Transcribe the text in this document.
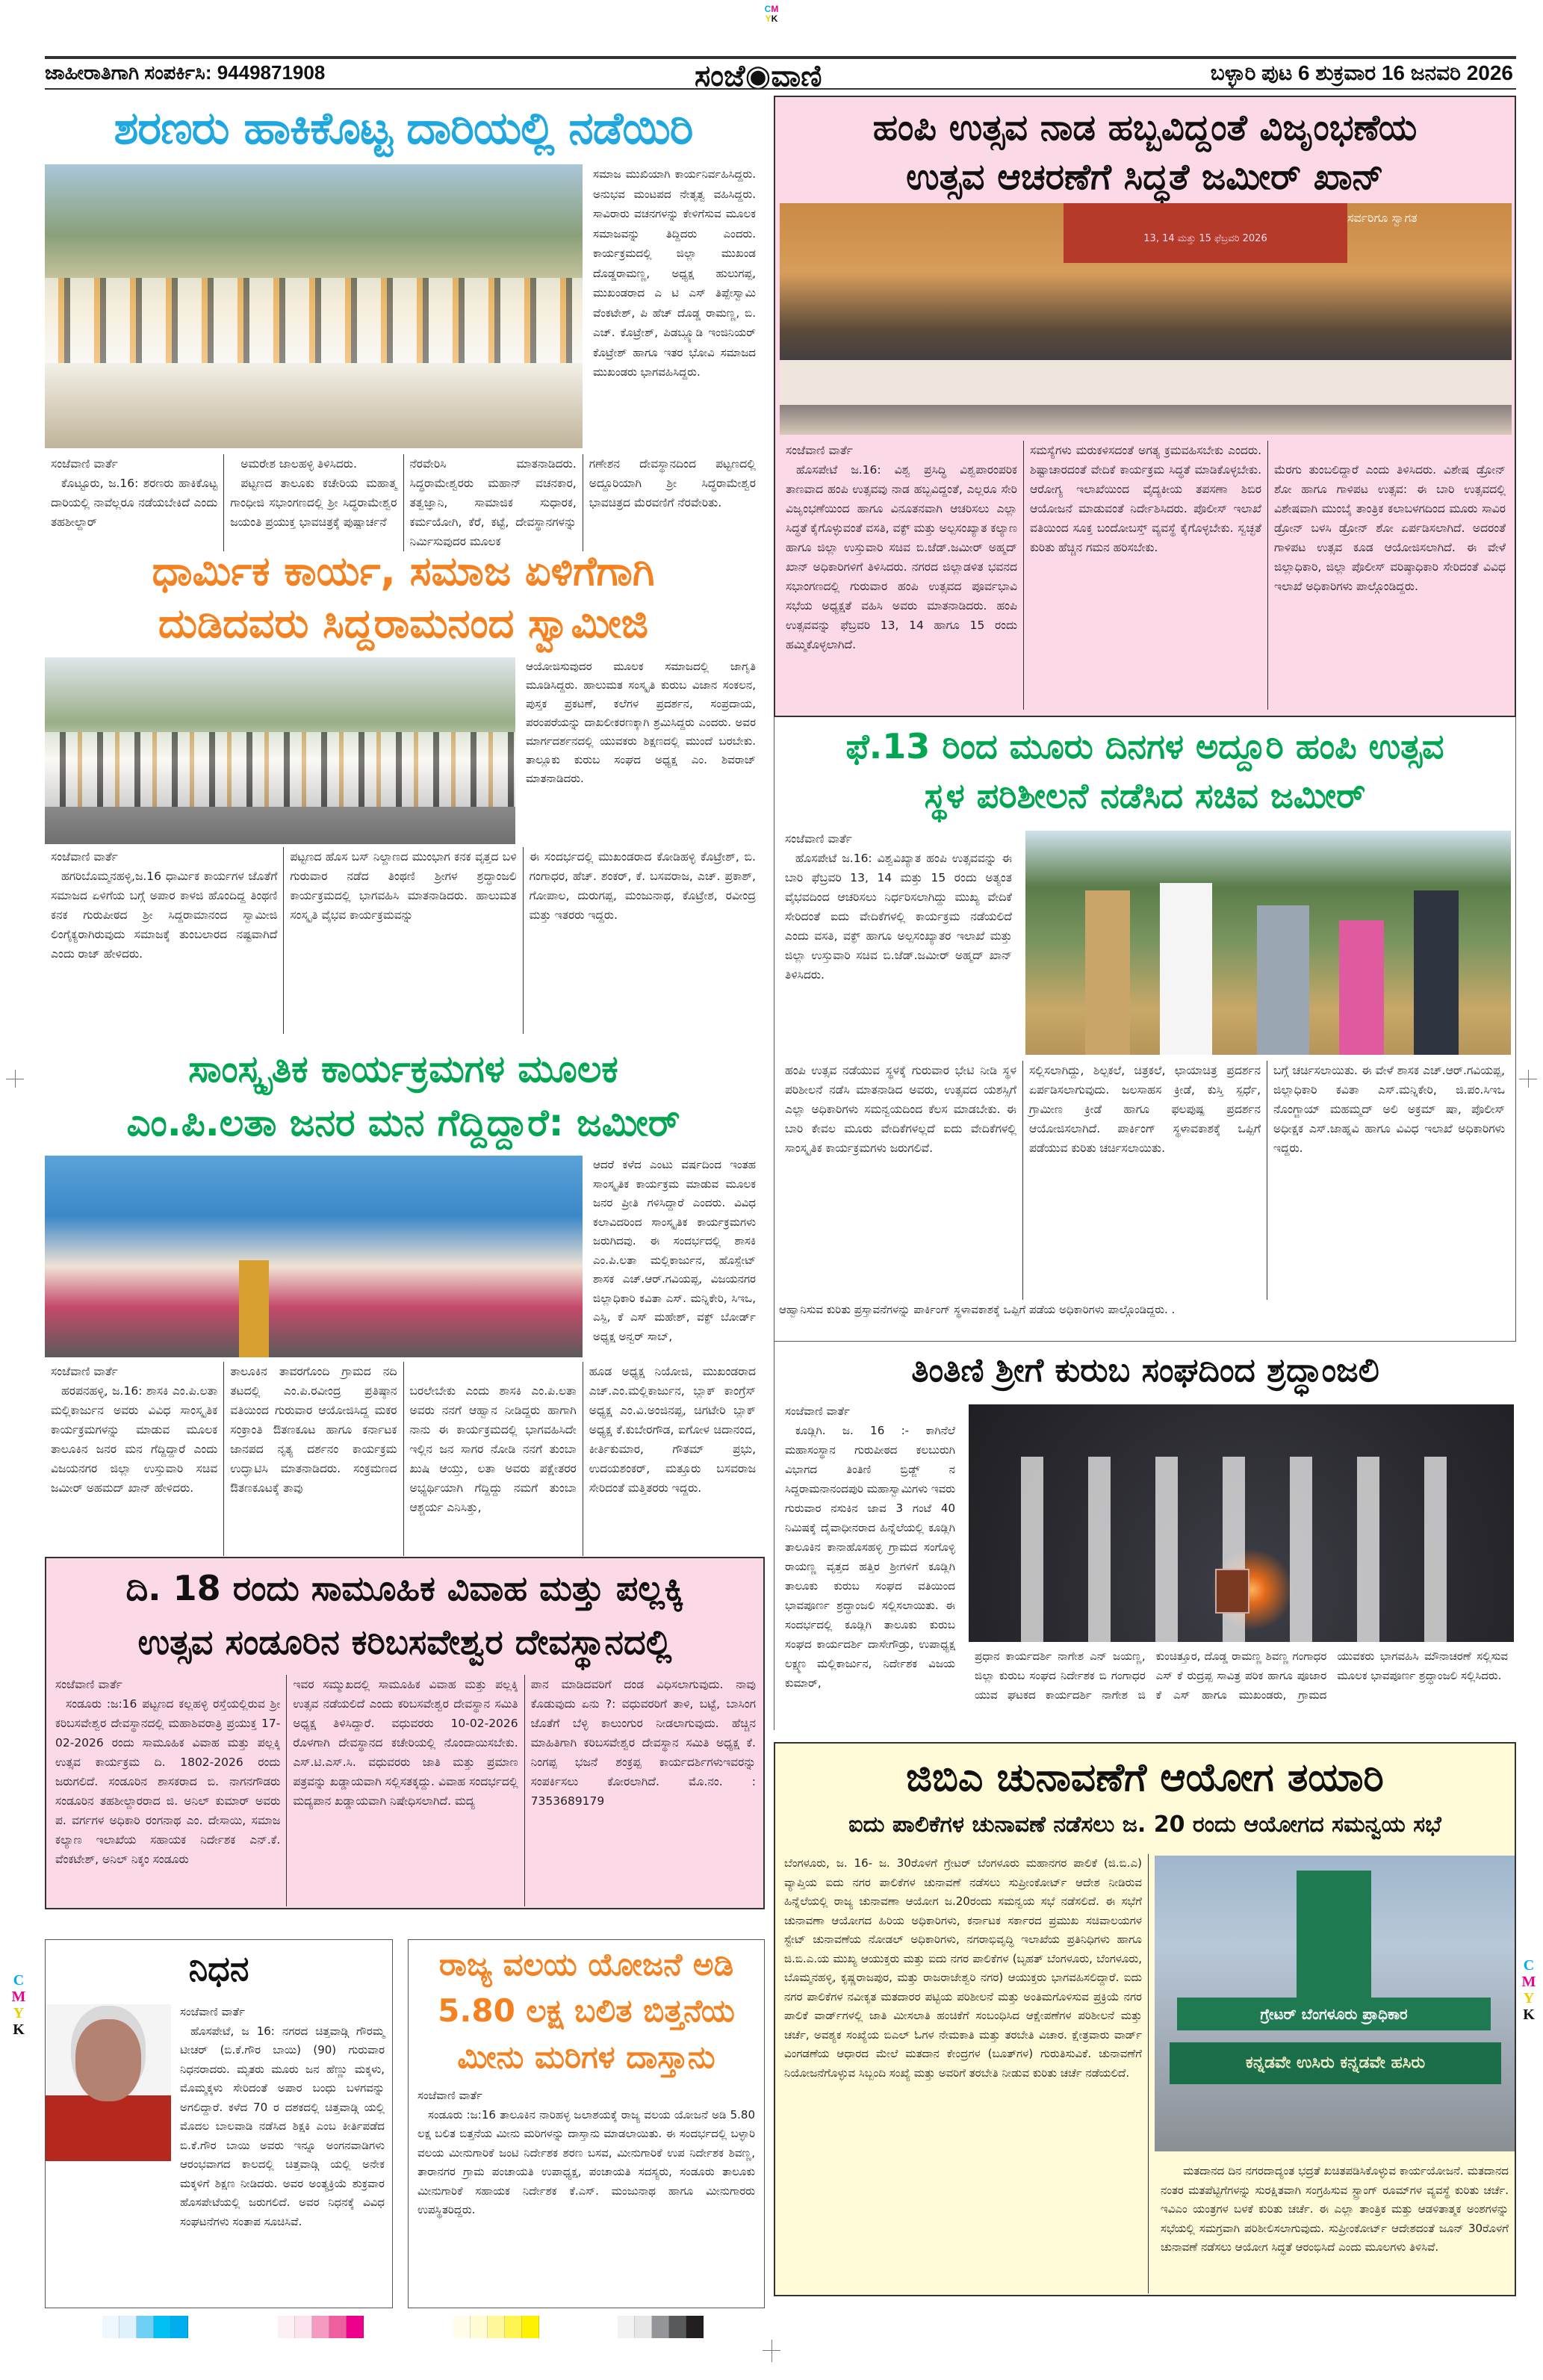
CM
YK
ಜಾಹೀರಾತಿಗಾಗಿ ಸಂಪರ್ಕಿಸಿ: 9449871908	ಸಂಜೆ◉ವಾಣಿ	ಬಳ್ಳಾರಿ ಪುಟ 6 ಶುಕ್ರವಾರ 16 ಜನವರಿ 2026
ಶರಣರು ಹಾಕಿಕೊಟ್ಟ ದಾರಿಯಲ್ಲಿ ನಡೆಯಿರಿ
ಸಮಾಜ ಮುಖಿಯಾಗಿ ಕಾರ್ಯನಿರ್ವಹಿಸಿದ್ದರು. ಅನುಭವ ಮಂಟಪದ ನೇತೃತ್ವ ವಹಿಸಿದ್ದರು. ಸಾವಿರಾರು ವಚನಗಳನ್ನು ಕೇಳಿಗೆಸುವ ಮೂಲಕ ಸಮಾಜವನ್ನು ತಿದ್ದಿದರು ಎಂದರು. ಕಾರ್ಯಕ್ರಮದಲ್ಲಿ ಜಿಲ್ಲಾ ಮುಖಂಡ ದೊಡ್ಡರಾಮಣ್ಣ, ಅಧ್ಯಕ್ಷ ಹುಲುಗಪ್ಪ, ಮುಖಂಡರಾದ ಎ ಟಿ ಎಸ್ ತಿಪ್ಪೇಸ್ವಾಮಿ ವೆಂಕಟೇಶ್, ಪಿ ಹೆಚ್ ದೊಡ್ಡ ರಾಮಣ್ಣ, ಬಿ. ಎಚ್. ಕೊಟ್ರೇಶ್, ಪಿಡಬ್ಲ್ಯೂಡಿ ಇಂಜಿನಿಯರ್ ಕೊಟ್ರೇಶ್ ಹಾಗೂ ಇತರ ಭೋವಿ ಸಮಾಜದ ಮುಖಂಡರು ಭಾಗವಹಿಸಿದ್ದರು.
ಸಂಜೆವಾಣಿ ವಾರ್ತೆ
ಕೊಟ್ಟೂರು, ಜ.16: ಶರಣರು ಹಾಕಿಕೊಟ್ಟ ದಾರಿಯಲ್ಲಿ ನಾವೆಲ್ಲರೂ ನಡೆಯಬೇಕಿದೆ ಎಂದು ತಹಶೀಲ್ದಾರ್
ಅಮರೇಶ ಜಾಲಹಳ್ಳಿ ತಿಳಿಸಿದರು.
ಪಟ್ಟಣದ ತಾಲೂಕು ಕಚೇರಿಯ ಮಹಾತ್ಮ ಗಾಂಧೀಜಿ ಸಭಾಂಗಣದಲ್ಲಿ ಶ್ರೀ ಸಿದ್ಧರಾಮೇಶ್ವರ ಜಯಂತಿ ಪ್ರಯುಕ್ತ ಭಾವಚಿತ್ರಕ್ಕೆ ಪುಷ್ಪಾರ್ಚನೆ
ನೆರವೇರಿಸಿ ಮಾತನಾಡಿದರು. ಸಿದ್ಧರಾಮೇಶ್ವರರು ಮಹಾನ್ ವಚನಕಾರ, ತತ್ವಜ್ಞಾನಿ, ಸಾಮಾಜಿಕ ಸುಧಾರಕ, ಕರ್ಮಯೋಗಿ, ಕೆರೆ, ಕಟ್ಟೆ, ದೇವಸ್ಥಾನಗಳನ್ನು ನಿರ್ಮಿಸುವುದರ ಮೂಲಕ
ಗಣೇಶನ ದೇವಸ್ಥಾನದಿಂದ ಪಟ್ಟಣದಲ್ಲಿ ಅದ್ದೂರಿಯಾಗಿ ಶ್ರೀ ಸಿದ್ಧರಾಮೇಶ್ವರ ಭಾವಚಿತ್ರದ ಮೆರವಣಿಗೆ ನೆರವೇರಿತು.
ಹಂಪಿ ಉತ್ಸವ ನಾಡ ಹಬ್ಬವಿದ್ದಂತೆ ವಿಜೃಂಭಣೆಯ
ಉತ್ಸವ ಆಚರಣೆಗೆ ಸಿದ್ಧತೆ ಜಮೀರ್ ಖಾನ್
13, 14 ಮತ್ತು 15 ಫೆಬ್ರವರಿ 2026
ಸರ್ವರಿಗೂ ಸ್ವಾಗತ
ಸಂಜೆವಾಣಿ ವಾರ್ತೆ
ಹೊಸಪೇಟೆ ಜ.16: ವಿಶ್ವ ಪ್ರಸಿದ್ಧಿ ವಿಶ್ವಪಾರಂಪರಿಕ ತಾಣವಾದ ಹಂಪಿ ಉತ್ಸವವು ನಾಡ ಹಬ್ಬವಿದ್ದಂತೆ, ಎಲ್ಲರೂ ಸೇರಿ ವಿಜೃಂಭಣೆಯಿಂದ ಹಾಗೂ ವಿನೂತನವಾಗಿ ಆಚರಿಸಲು ಎಲ್ಲಾ ಸಿದ್ಧತೆ ಕೈಗೊಳ್ಳುವಂತೆ ವಸತಿ, ವಕ್ಫ್ ಮತ್ತು ಅಲ್ಪಸಂಖ್ಯಾತ ಕಲ್ಯಾಣ ಹಾಗೂ ಜಿಲ್ಲಾ ಉಸ್ತುವಾರಿ ಸಚಿವ ಬಿ.ಜೆಡ್.ಜಮೀರ್ ಅಹ್ಮದ್ ಖಾನ್ ಅಧಿಕಾರಿಗಳಿಗೆ ತಿಳಿಸಿದರು. ನಗರದ ಜಿಲ್ಲಾಡಳಿತ ಭವನದ ಸಭಾಂಗಣದಲ್ಲಿ ಗುರುವಾರ ಹಂಪಿ ಉತ್ಸವದ ಪೂರ್ವಭಾವಿ ಸಭೆಯ ಅಧ್ಯಕ್ಷತೆ ವಹಿಸಿ ಅವರು ಮಾತನಾಡಿದರು. ಹಂಪಿ ಉತ್ಸವವನ್ನು ಫೆಬ್ರವರಿ 13, 14 ಹಾಗೂ 15 ರಂದು ಹಮ್ಮಿಕೊಳ್ಳಲಾಗಿದೆ.
ಸಮಸ್ಯೆಗಳು ಮರುಕಳಿಸದಂತೆ ಅಗತ್ಯ ಕ್ರಮವಹಿಸಬೇಕು ಎಂದರು. ಶಿಷ್ಟಾಚಾರದಂತೆ ವೇದಿಕೆ ಕಾರ್ಯಕ್ರಮ ಸಿದ್ಧತೆ ಮಾಡಿಕೊಳ್ಳಬೇಕು. ಆರೋಗ್ಯ ಇಲಾಖೆಯಿಂದ ವೈದ್ಯಕೀಯ ತಪಸಣಾ ಶಿಬಿರ ಆಯೋಜನೆ ಮಾಡುವಂತೆ ನಿರ್ದೇಶಿಸಿದರು. ಪೊಲೀಸ್ ಇಲಾಖೆ ವತಿಯಿಂದ ಸೂಕ್ತ ಬಂದೋಬಸ್ತ್ ವ್ಯವಸ್ಥೆ ಕೈಗೊಳ್ಳಬೇಕು. ಸ್ವಚ್ಛತೆ ಕುರಿತು ಹೆಚ್ಚಿನ ಗಮನ ಹರಿಸಬೇಕು.
ಮೆರಗು ತುಂಬಲಿದ್ದಾರೆ ಎಂದು ತಿಳಿಸಿದರು. ವಿಶೇಷ ಡ್ರೋನ್ ಶೋ ಹಾಗೂ ಗಾಳಿಪಟ ಉತ್ಸವ: ಈ ಬಾರಿ ಉತ್ಸವದಲ್ಲಿ ವಿಶೇಷವಾಗಿ ಮುಂಬೈ ತಾಂತ್ರಿಕ ಕಲಾಬಳಗದಿಂದ ಮೂರು ಸಾವಿರ ಡ್ರೋನ್ ಬಳಸಿ ಡ್ರೋನ್ ಶೋ ಏರ್ಪಡಿಸಲಾಗಿದೆ. ಅದರಂತೆ ಗಾಳಿಪಟ ಉತ್ಸವ ಕೂಡ ಆಯೋಜಿಸಲಾಗಿದೆ. ಈ ವೇಳೆ ಜಿಲ್ಲಾಧಿಕಾರಿ, ಜಿಲ್ಲಾ ಪೊಲೀಸ್ ವರಿಷ್ಠಾಧಿಕಾರಿ ಸೇರಿದಂತೆ ವಿವಿಧ ಇಲಾಖೆ ಅಧಿಕಾರಿಗಳು ಪಾಲ್ಗೊಂಡಿದ್ದರು.
ಧಾರ್ಮಿಕ ಕಾರ್ಯ, ಸಮಾಜ ಏಳಿಗೆಗಾಗಿ
ದುಡಿದವರು ಸಿದ್ದರಾಮನಂದ ಸ್ವಾಮೀಜಿ
ಆಯೋಜಿಸುವುದರ ಮೂಲಕ ಸಮಾಜದಲ್ಲಿ ಜಾಗೃತಿ ಮೂಡಿಸಿದ್ದರು. ಹಾಲುಮತ ಸಂಸ್ಕೃತಿ ಕುರುಬ ವಿಜಾನ ಸಂಕಲನ, ಪುಸ್ತಕ ಪ್ರಕಟಣೆ, ಕಲೆಗಳ ಪ್ರದರ್ಶನ, ಸಂಪ್ರದಾಯ, ಪರಂಪರೆಯನ್ನು ದಾಖಲೀಕರಣಕ್ಕಾಗಿ ಶ್ರಮಿಸಿದ್ದರು ಎಂದರು. ಅವರ ಮಾರ್ಗದರ್ಶನದಲ್ಲಿ ಯುವಕರು ಶಿಕ್ಷಣದಲ್ಲಿ ಮುಂದೆ ಬರಬೇಕು. ತಾಲ್ಲೂಕು ಕುರುಬ ಸಂಘದ ಅಧ್ಯಕ್ಷ ಎಂ. ಶಿವರಾಜ್ ಮಾತನಾಡಿದರು.
ಸಂಜೆವಾಣಿ ವಾರ್ತೆ
ಹಗರಿಬೊಮ್ಮನಹಳ್ಳಿ,ಜ.16 ಧಾರ್ಮಿಕ ಕಾರ್ಯಗಳ ಜೊತೆಗೆ ಸಮಾಜದ ಏಳಿಗೆಯ ಬಗ್ಗೆ ಅಪಾರ ಕಾಳಜಿ ಹೊಂದಿದ್ದ ತಿಂಥಣಿ ಕನಕ ಗುರುಪೀಠದ ಶ್ರೀ ಸಿದ್ದರಾಮಾನಂದ ಸ್ವಾಮೀಜಿ ಲಿಂಗೈಕ್ಯರಾಗಿರುವುದು ಸಮಾಜಕ್ಕೆ ತುಂಬಲಾರದ ನಷ್ಟವಾಗಿದೆ ಎಂದು ರಾಜ್ ಹೇಳಿದರು.
ಪಟ್ಟಣದ ಹೊಸ ಬಸ್ ನಿಲ್ದಾಣದ ಮುಂಭಾಗ ಕನಕ ವೃತ್ತದ ಬಳಿ ಗುರುವಾರ ನಡೆದ ತಿಂಥಣಿ ಶ್ರೀಗಳ ಶ್ರದ್ಧಾಂಜಲಿ ಕಾರ್ಯಕ್ರಮದಲ್ಲಿ ಭಾಗವಹಿಸಿ ಮಾತನಾಡಿದರು. ಹಾಲುಮತ ಸಂಸ್ಕೃತಿ ವೈಭವ ಕಾರ್ಯಕ್ರಮವನ್ನು
ಈ ಸಂದರ್ಭದಲ್ಲಿ ಮುಖಂಡರಾದ ಕೋಡಿಹಳ್ಳಿ ಕೊಟ್ರೇಶ್, ಬಿ. ಗಂಗಾಧರ, ಹೆಚ್. ಶಂಕರ್, ಕೆ. ಬಸವರಾಜ, ಎಚ್. ಪ್ರಕಾಶ್, ಗೋಪಾಲ, ದುರುಗಪ್ಪ, ಮಂಜುನಾಥ, ಕೊಟ್ರೇಶ, ರವೀಂದ್ರ ಮತ್ತು ಇತರರು ಇದ್ದರು.
ಫೆ.13 ರಿಂದ ಮೂರು ದಿನಗಳ ಅದ್ದೂರಿ ಹಂಪಿ ಉತ್ಸವ
ಸ್ಥಳ ಪರಿಶೀಲನೆ ನಡೆಸಿದ ಸಚಿವ ಜಮೀರ್
ಸಂಜೆವಾಣಿ ವಾರ್ತೆ
ಹೊಸಪೇಟೆ ಜ.16: ವಿಶ್ವವಿಖ್ಯಾತ ಹಂಪಿ ಉತ್ಸವವನ್ನು ಈ ಬಾರಿ ಫೆಬ್ರವರಿ 13, 14 ಮತ್ತು 15 ರಂದು ಅತ್ಯಂತ ವೈಭವದಿಂದ ಆಚರಿಸಲು ನಿರ್ಧರಿಸಲಾಗಿದ್ದು ಮುಖ್ಯ ವೇದಿಕೆ ಸೇರಿದಂತೆ ಐದು ವೇದಿಕೆಗಳಲ್ಲಿ ಕಾರ್ಯಕ್ರಮ ನಡೆಯಲಿದೆ ಎಂದು ವಸತಿ, ವಕ್ಫ್ ಹಾಗೂ ಅಲ್ಪಸಂಖ್ಯಾತರ ಇಲಾಖೆ ಮತ್ತು ಜಿಲ್ಲಾ ಉಸ್ತುವಾರಿ ಸಚಿವ ಬಿ.ಜೆಡ್.ಜಮೀರ್ ಅಹ್ಮದ್ ಖಾನ್ ತಿಳಿಸಿದರು.
ಹಂಪಿ ಉತ್ಸವ ನಡೆಯುವ ಸ್ಥಳಕ್ಕೆ ಗುರುವಾರ ಭೇಟಿ ನೀಡಿ ಸ್ಥಳ ಪರಿಶೀಲನೆ ನಡೆಸಿ ಮಾತನಾಡಿದ ಅವರು, ಉತ್ಸವದ ಯಶಸ್ಸಿಗೆ ಎಲ್ಲಾ ಅಧಿಕಾರಿಗಳು ಸಮನ್ವಯದಿಂದ ಕೆಲಸ ಮಾಡಬೇಕು. ಈ ಬಾರಿ ಕೇವಲ ಮೂರು ವೇದಿಕೆಗಳಲ್ಲದೆ ಐದು ವೇದಿಕೆಗಳಲ್ಲಿ ಸಾಂಸ್ಕೃತಿಕ ಕಾರ್ಯಕ್ರಮಗಳು ಜರುಗಲಿವೆ.
ಸಲ್ಲಿಸಲಾಗಿದ್ದು, ಶಿಲ್ಪಕಲೆ, ಚಿತ್ರಕಲೆ, ಛಾಯಾಚಿತ್ರ ಪ್ರದರ್ಶನ ಏರ್ಪಡಿಸಲಾಗುವುದು. ಜಲಸಾಹಸ ಕ್ರೀಡೆ, ಕುಸ್ತಿ ಸ್ಪರ್ಧೆ, ಗ್ರಾಮೀಣ ಕ್ರೀಡೆ ಹಾಗೂ ಫಲಪುಷ್ಪ ಪ್ರದರ್ಶನ ಆಯೋಜಿಸಲಾಗಿದೆ. ಪಾರ್ಕಿಂಗ್ ಸ್ಥಳಾವಕಾಶಕ್ಕೆ ಒಪ್ಪಿಗೆ ಪಡೆಯುವ ಕುರಿತು ಚರ್ಚಿಸಲಾಯಿತು.
ಬಗ್ಗೆ ಚರ್ಚಿಸಲಾಯಿತು. ಈ ವೇಳೆ ಶಾಸಕ ಎಚ್.ಆರ್.ಗವಿಯಪ್ಪ, ಜಿಲ್ಲಾಧಿಕಾರಿ ಕವಿತಾ ಎಸ್.ಮನ್ನಿಕೇರಿ, ಜಿ.ಪಂ.ಸಿಇಒ ನೊಂಗ್ಜಾಯ್ ಮಹಮ್ಮದ್ ಅಲಿ ಅಕ್ರಮ್ ಷಾ, ಪೊಲೀಸ್ ಅಧೀಕ್ಷಕ ಎಸ್.ಜಾಹ್ನವಿ ಹಾಗೂ ವಿವಿಧ ಇಲಾಖೆ ಅಧಿಕಾರಿಗಳು ಇದ್ದರು.
ಆಹ್ವಾನಿಸುವ ಕುರಿತು ಪ್ರಸ್ತಾವನೆಗಳನ್ನು ಪಾರ್ಕಿಂಗ್ ಸ್ಥಳಾವಕಾಶಕ್ಕೆ ಒಪ್ಪಿಗೆ ಪಡೆಯ ಅಧಿಕಾರಿಗಳು ಪಾಲ್ಗೊಂಡಿದ್ದರು. .
ಸಾಂಸ್ಕೃತಿಕ ಕಾರ್ಯಕ್ರಮಗಳ ಮೂಲಕ
ಎಂ.ಪಿ.ಲತಾ ಜನರ ಮನ ಗೆದ್ದಿದ್ದಾರೆ: ಜಮೀರ್
ಆದರೆ ಕಳೆದ ಎಂಟು ವರ್ಷದಿಂದ ಇಂತಹ ಸಾಂಸ್ಕೃತಿಕ ಕಾರ್ಯಕ್ರಮ ಮಾಡುವ ಮೂಲಕ ಜನರ ಪ್ರೀತಿ ಗಳಿಸಿದ್ದಾರೆ ಎಂದರು. ವಿವಿಧ ಕಲಾವಿದರಿಂದ ಸಾಂಸ್ಕೃತಿಕ ಕಾರ್ಯಕ್ರಮಗಳು ಜರುಗಿದವು. ಈ ಸಂದರ್ಭದಲ್ಲಿ ಶಾಸಕಿ ಎಂ.ಪಿ.ಲತಾ ಮಲ್ಲಿಕಾರ್ಜುನ, ಹೊಸ್ಪೇಟ್ ಶಾಸಕ ಎಚ್.ಆರ್.ಗವಿಯಪ್ಪ, ವಿಜಯನಗರ ಜಿಲ್ಲಾಧಿಕಾರಿ ಕವಿತಾ ಎಸ್. ಮನ್ನಿಕೇರಿ, ಸಿಇಒ, ಎಸ್ಪಿ, ಕೆ ಎಸ್ ಮಹೇಶ್, ವಕ್ಫ್ ಬೋರ್ಡ್ ಅಧ್ಯಕ್ಷ ಅನ್ವರ್ ಸಾಬ್,
ಸಂಜೆವಾಣಿ ವಾರ್ತೆ
ಹರಪನಹಳ್ಳಿ, ಜ.16: ಶಾಸಕಿ ಎಂ.ಪಿ.ಲತಾ ಮಲ್ಲಿಕಾರ್ಜುನ ಅವರು ವಿವಿಧ ಸಾಂಸ್ಕೃತಿಕ ಕಾರ್ಯಕ್ರಮಗಳನ್ನು ಮಾಡುವ ಮೂಲಕ ತಾಲೂಕಿನ ಜನರ ಮನ ಗೆದ್ದಿದ್ದಾರೆ ಎಂದು ವಿಜಯನಗರ ಜಿಲ್ಲಾ ಉಸ್ತುವಾರಿ ಸಚಿವ ಜಮೀರ್ ಅಹಮದ್ ಖಾನ್ ಹೇಳಿದರು.
ತಾಲೂಕಿನ ತಾವರಗೊಂದಿ ಗ್ರಾಮದ ನದಿ ತಟದಲ್ಲಿ ಎಂ.ಪಿ.ರವೀಂದ್ರ ಪ್ರತಿಷ್ಠಾನ ವತಿಯಿಂದ ಗುರುವಾರ ಆಯೋಜಿಸಿದ್ದ ಮಕರ ಸಂಕ್ರಾಂತಿ ಔತಣಕೂಟ ಹಾಗೂ ಕರ್ನಾಟಕ ಜಾನಪದ ನೃತ್ಯ ದರ್ಶನಂ ಕಾರ್ಯಕ್ರಮ ಉದ್ಘಾಟಿಸಿ ಮಾತನಾಡಿದರು. ಸಂಕ್ರಮಣದ ಔತಣಕೂಟಕ್ಕೆ ತಾವು
ಬರಲೇಬೇಕು ಎಂದು ಶಾಸಕಿ ಎಂ.ಪಿ.ಲತಾ ಅವರು ನನಗೆ ಆಹ್ವಾನ ನೀಡಿದ್ದರು ಹಾಗಾಗಿ ನಾನು ಈ ಕಾರ್ಯಕ್ರಮದಲ್ಲಿ ಭಾಗವಹಿಸಿದೇ ಇಲ್ಲಿನ ಜನ ಸಾಗರ ನೋಡಿ ನನಗೆ ತುಂಬಾ ಖುಷಿ ಆಯ್ತು, ಲತಾ ಅವರು ಪಕ್ಷೇತರರ ಅಭ್ಯರ್ಥಿಯಾಗಿ ಗೆದ್ದಿದ್ದು ನಮಗೆ ತುಂಬಾ ಆಶ್ಚರ್ಯ ಎನಿಸಿತ್ತು,
ಹೂಡ ಅಧ್ಯಕ್ಷ ನಿಯೋಜಿ, ಮುಖಂಡರಾದ ಎಚ್.ಎಂ.ಮಲ್ಲಿಕಾರ್ಜುನ, ಬ್ಲಾಕ್ ಕಾಂಗ್ರೆಸ್ ಅಧ್ಯಕ್ಷ ಎಂ.ವಿ.ಅಂಜಿನಪ್ಪ, ಚಿಗಟೇರಿ ಬ್ಲಾಕ್ ಅಧ್ಯಕ್ಷ ಕೆ.ಕುಬೇರಗೌಡ, ಐಗೋಳ ಚಿದಾನಂದ, ಕೀರ್ತಿಕುಮಾರ, ಗೌತಮ್ ಪ್ರಭು, ಉದಯಶಂಕರ್, ಮತ್ತೂರು ಬಸವರಾಜ ಸೇರಿದಂತೆ ಮತ್ತಿತರರು ಇದ್ದರು.
ತಿಂತಿಣಿ ಶ್ರೀಗೆ ಕುರುಬ ಸಂಘದಿಂದ ಶ್ರದ್ಧಾಂಜಲಿ
ಸಂಜೆವಾಣಿ ವಾರ್ತೆ
ಕೂಡ್ಲಿಗಿ. ಜ. 16 :- ಕಾಗಿನೆಲೆ ಮಹಾಸಂಸ್ಥಾನ ಗುರುಪೀಠದ ಕಲಬುರುಗಿ ವಿಭಾಗದ ತಿಂತಿಣಿ ಬ್ರಿಡ್ಜ್ ನ ಸಿದ್ದರಾಮನಾನಂದಪುರಿ ಮಹಾಸ್ವಾಮಿಗಳು ಇವರು ಗುರುವಾರ ನಸುಕಿನ ಜಾವ 3 ಗಂಟೆ 40 ನಿಮಿಷಕ್ಕೆ ದೈವಾಧೀನರಾದ ಹಿನ್ನೆಲೆಯಲ್ಲಿ ಕೂಡ್ಲಿಗಿ ತಾಲೂಕಿನ ಕಾನಾಹೊಸಹಳ್ಳಿ ಗ್ರಾಮದ ಸಂಗೊಳ್ಳಿ ರಾಯಣ್ಣ ವೃತ್ತದ ಹತ್ತಿರ ಶ್ರೀಗಳಿಗೆ ಕೂಡ್ಲಿಗಿ ತಾಲೂಕು ಕುರುಬ ಸಂಘದ ವತಿಯಿಂದ ಭಾವಪೂರ್ಣ ಶ್ರದ್ಧಾಂಜಲಿ ಸಲ್ಲಿಸಲಾಯಿತು. ಈ ಸಂದರ್ಭದಲ್ಲಿ ಕೂಡ್ಲಿಗಿ ತಾಲೂಕು ಕುರುಬ ಸಂಘದ ಕಾರ್ಯದರ್ಶಿ ದಾಸೇಗೌಡ್ರು, ಉಪಾಧ್ಯಕ್ಷ ಲಕ್ಷ್ಮಣ ಮಲ್ಲಿಕಾರ್ಜುನ, ನಿರ್ದೇಶಕ ವಿಜಯ ಕುಮಾರ್,
ಪ್ರಧಾನ ಕಾರ್ಯದರ್ಶಿ ನಾಗೇಶ ಎನ್ ಜಯಣ್ಣ, ಜಿಲ್ಲಾ ಕುರುಬ ಸಂಘದ ನಿರ್ದೇಶಕ ಬಿ ಗಂಗಾಧರ ಯುವ ಘಟಕದ ಕಾರ್ಯದರ್ಶಿ ನಾಗೇಶ ಜಿ ಕುಂಚಿತ್ತೂರ, ದೊಡ್ಡ ರಾಮಣ್ಣ ಶಿವಣ್ಣ ಗಂಗಾಧರ ಎಸ್ ಕೆ ರುದ್ರಪ್ಪ ಸಾವಿತ್ರ ಪರಿಕ ಹಾಗೂ ಪೂಜಾರ ಕೆ ಎಸ್ ಹಾಗೂ ಮುಖಂಡರು, ಗ್ರಾಮದ ಯುವಕರು ಭಾಗವಹಿಸಿ ಮೌನಾಚರಣೆ ಸಲ್ಲಿಸುವ ಮೂಲಕ ಭಾವಪೂರ್ಣ ಶ್ರದ್ಧಾಂಜಲಿ ಸಲ್ಲಿಸಿದರು.
ದಿ. 18 ರಂದು ಸಾಮೂಹಿಕ ವಿವಾಹ ಮತ್ತು ಪಲ್ಲಕ್ಕಿ
ಉತ್ಸವ ಸಂಡೂರಿನ ಕರಿಬಸವೇಶ್ವರ ದೇವಸ್ಥಾನದಲ್ಲಿ
ಸಂಜೆವಾಣಿ ವಾರ್ತೆ
ಸಂಡೂರು :ಜ:16 ಪಟ್ಟಣದ ಕಲ್ಲಹಳ್ಳಿ ರಸ್ತೆಯಲ್ಲಿರುವ ಶ್ರೀ ಕರಿಬಸವೇಶ್ವರ ದೇವಸ್ಥಾನದಲ್ಲಿ ಮಹಾಶಿವರಾತ್ರಿ ಪ್ರಯುಕ್ತ 17-02-2026 ರಂದು ಸಾಮೂಹಿಕ ವಿವಾಹ ಮತ್ತು ಪಲ್ಲಕ್ಕಿ ಉತ್ಸವ ಕಾರ್ಯಕ್ರಮ ದಿ. 1802-2026 ರಂದು ಜರುಗಲಿದೆ. ಸಂಡೂರಿನ ಶಾಸಕರಾದ ಬಿ. ನಾಗನಗೌಡರು ಸಂಡೂರಿನ ತಹಶೀಲ್ದಾರರಾದ ಜಿ. ಅನಿಲ್ ಕುಮಾರ್ ಅವರು ಪ. ವರ್ಗಗಳ ಅಧಿಕಾರಿ ರಂಗನಾಥ ಎಂ. ದೇಸಾಯಿ, ಸಮಾಜ ಕಲ್ಯಾಣ ಇಲಾಖೆಯ ಸಹಾಯಕ ನಿರ್ದೇಶಕ ಎನ್.ಕೆ. ವೆಂಕಟೇಶ್, ಅನಿಲ್ ನಿಕ್ಕಂ ಸಂಡೂರು
ಇವರ ಸಮ್ಮುಖದಲ್ಲಿ ಸಾಮೂಹಿಕ ವಿವಾಹ ಮತ್ತು ಪಲ್ಲಕ್ಕಿ ಉತ್ಸವ ನಡೆಯಲಿದೆ ಎಂದು ಕರಿಬಸವೇಶ್ವರ ದೇವಸ್ಥಾನ ಸಮಿತಿ ಅಧ್ಯಕ್ಷ ತಿಳಿಸಿದ್ದಾರೆ. ವಧುವರರು 10-02-2026 ರೊಳಗಾಗಿ ದೇವಸ್ಥಾನದ ಕಚೇರಿಯಲ್ಲಿ ನೊಂದಾಯಿಸಬೇಕು. ಎಸ್.ಟಿ.ಎಸ್.ಸಿ. ವಧುವರರು ಜಾತಿ ಮತ್ತು ಪ್ರಮಾಣ ಪತ್ರವನ್ನು ಖಡ್ಡಾಯವಾಗಿ ಸಲ್ಲಿಸತಕ್ಕದ್ದು. ವಿವಾಹ ಸಂದರ್ಭದಲ್ಲಿ ಮದ್ಯಪಾನ ಖಡ್ಡಾಯವಾಗಿ ನಿಷೇಧಿಸಲಾಗಿದೆ. ಮದ್ಯ
ಪಾನ ಮಾಡಿದವರಿಗೆ ದಂಡ ವಿಧಿಸಲಾಗುವುದು. ನಾವು ಕೊಡುವುದು ಏನು ?: ವಧುವರರಿಗೆ ತಾಳಿ, ಬಟ್ಟೆ, ಬಾಸಿಂಗ ಜೊತೆಗೆ ಬೆಳ್ಳಿ ಕಾಲುಂಗುರ ನೀಡಲಾಗುವುದು. ಹೆಚ್ಚಿನ ಮಾಹಿತಿಗಾಗಿ ಕರಿಬಸವೇಶ್ವರ ದೇವಸ್ಥಾನ ಸಮಿತಿ ಅಧ್ಯಕ್ಷ ಕೆ. ನಿಂಗಪ್ಪ ಭಜನೆ ಶಂಕ್ರಪ್ಪ ಕಾರ್ಯದರ್ಶಿಗಳುಇವರನ್ನು ಸಂಪರ್ಕಿಸಲು ಕೋರಲಾಗಿದೆ. ಮೊ.ನಂ. : 7353689179
ನಿಧನ
ಸಂಜೆವಾಣಿ ವಾರ್ತೆ
ಹೊಸಪೇಟೆ, ಜ 16: ನಗರದ ಚಿತ್ತವಾಡ್ಗಿ ಗೌರಮ್ಮ ಟೀಚರ್ (ಬಿ.ಕೆ.ಗೌರ ಬಾಯಿ) (90) ಗುರುವಾರ ನಿಧನರಾದರು. ಮೃತರು ಮೂರು ಜನ ಹೆಣ್ಣು ಮಕ್ಕಳು, ಮೊಮ್ಮಕ್ಕಳು ಸೇರಿದಂತೆ ಅಪಾರ ಬಂಧು ಬಳಗವನ್ನು ಅಗಲಿದ್ದಾರೆ. ಕಳೆದ 70 ರ ದಶಕದಲ್ಲಿ ಚಿತ್ತವಾಡ್ಗಿ ಯಲ್ಲಿ ಮೊದಲ ಬಾಲವಾಡಿ ನಡೆಸಿದ ಶಿಕ್ಷಕಿ ಎಂಬ ಕೀರ್ತಿಪಡೆದ ಬಿ.ಕೆ.ಗೌರ ಬಾಯಿ ಅವರು ಇನ್ನೂ ಅಂಗನವಾಡಿಗಳು ಆರಂಭವಾಗದ ಕಾಲದಲ್ಲಿ ಚಿತ್ತವಾಡ್ಗಿ ಯಲ್ಲಿ ಅನೇಕ ಮಕ್ಕಳಿಗೆ ಶಿಕ್ಷಣ ನೀಡಿದರು. ಅವರ ಅಂತ್ಯಕ್ರಿಯೆ ಶುಕ್ರವಾರ ಹೊಸಪೇಟೆಯಲ್ಲಿ ಜರುಗಲಿದೆ. ಅವರ ನಿಧನಕ್ಕೆ ವಿವಿಧ ಸಂಘಟನೆಗಳು ಸಂತಾಪ ಸೂಚಿಸಿವೆ.
ರಾಜ್ಯ ವಲಯ ಯೋಜನೆ ಅಡಿ
5.80 ಲಕ್ಷ ಬಲಿತ ಬಿತ್ತನೆಯ
ಮೀನು ಮರಿಗಳ ದಾಸ್ತಾನು
ಸಂಜೆವಾಣಿ ವಾರ್ತೆ
ಸಂಡೂರು :ಜ:16 ತಾಲೂಕಿನ ನಾರಿಹಳ್ಳ ಜಲಾಶಯಕ್ಕೆ ರಾಜ್ಯ ವಲಯ ಯೋಜನೆ ಅಡಿ 5.80 ಲಕ್ಷ ಬಲಿತ ಬಿತ್ತನೆಯ ಮೀನು ಮರಿಗಳನ್ನು ದಾಸ್ತಾನು ಮಾಡಲಾಯಿತು. ಈ ಸಂದರ್ಭದಲ್ಲಿ ಬಳ್ಳಾರಿ ವಲಯ ಮೀನುಗಾರಿಕೆ ಜಂಟಿ ನಿರ್ದೇಶಕ ಶರಣ ಬಸವ, ಮೀನುಗಾರಿಕೆ ಉಪ ನಿರ್ದೇಶಕ ಶಿವಣ್ಣ, ತಾರಾನಗರ ಗ್ರಾಮ ಪಂಚಾಯತಿ ಉಪಾಧ್ಯಕ್ಷ, ಪಂಚಾಯತಿ ಸದಸ್ಯರು, ಸಂಡೂರು ತಾಲೂಕು ಮೀನುಗಾರಿಕೆ ಸಹಾಯಕ ನಿರ್ದೇಶಕ ಕೆ.ಎಸ್. ಮಂಜುನಾಥ ಹಾಗೂ ಮೀನುಗಾರರು ಉಪಸ್ಥಿತರಿದ್ದರು.
ಜಿಬಿಎ ಚುನಾವಣೆಗೆ ಆಯೋಗ ತಯಾರಿ
ಐದು ಪಾಲಿಕೆಗಳ ಚುನಾವಣೆ ನಡೆಸಲು ಜ. 20 ರಂದು ಆಯೋಗದ ಸಮನ್ವಯ ಸಭೆ
ಬೆಂಗಳೂರು, ಜ. 16- ಜ. 30ರೊಳಗೆ ಗ್ರೇಟರ್ ಬೆಂಗಳೂರು ಮಹಾನಗರ ಪಾಲಿಕೆ (ಜಿ.ಬಿ.ಎ) ವ್ಯಾಪ್ತಿಯ ಐದು ನಗರ ಪಾಲಿಕೆಗಳ ಚುನಾವಣೆ ನಡೆಸಲು ಸುಪ್ರೀಂಕೋರ್ಟ್ ಆದೇಶ ನೀಡಿರುವ ಹಿನ್ನೆಲೆಯಲ್ಲಿ ರಾಜ್ಯ ಚುನಾವಣಾ ಆಯೋಗ ಜ.20ರಂದು ಸಮನ್ವಯ ಸಭೆ ನಡೆಸಲಿದೆ. ಈ ಸಭೆಗೆ ಚುನಾವಣಾ ಆಯೋಗದ ಹಿರಿಯ ಅಧಿಕಾರಿಗಳು, ಕರ್ನಾಟಕ ಸರ್ಕಾರದ ಪ್ರಮುಖ ಸಚಿವಾಲಯಗಳ ಸ್ಟೇಟ್ ಚುನಾವಣೆಯ ನೋಡಲ್ ಅಧಿಕಾರಿಗಳು, ನಗರಾಭಿವೃದ್ಧಿ ಇಲಾಖೆಯ ಪ್ರತಿನಿಧಿಗಳು ಹಾಗೂ ಜಿ.ಬಿ.ಎ.ಯ ಮುಖ್ಯ ಆಯುಕ್ತರು ಮತ್ತು ಐದು ನಗರ ಪಾಲಿಕೆಗಳ (ಬೃಹತ್ ಬೆಂಗಳೂರು, ಬೆಂಗಳೂರು, ಬೊಮ್ಮನಹಳ್ಳಿ, ಕೃಷ್ಣರಾಜಪುರ, ಮತ್ತು ರಾಜರಾಜೇಶ್ವರಿ ನಗರ) ಆಯುಕ್ತರು ಭಾಗವಹಿಸಲಿದ್ದಾರೆ. ಐದು ನಗರ ಪಾಲಿಕೆಗಳ ನವೀಕೃತ ಮತದಾರರ ಪಟ್ಟಿಯ ಪರಿಶೀಲನೆ ಮತ್ತು ಅಂತಿಮಗೊಳಿಸುವ ಪ್ರಕ್ರಿಯೆ ನಗರ ಪಾಲಿಕೆ ವಾರ್ಡ್‌ಗಳಲ್ಲಿ ಜಾತಿ ಮೀಸಲಾತಿ ಹಂಚಿಕೆಗೆ ಸಂಬಂಧಿಸಿದ ಆಕ್ಷೇಪಣೆಗಳ ಪರಿಶೀಲನೆ ಮತ್ತು ಚರ್ಚೆ, ಅವಶ್ಯಕ ಸಂಖ್ಯೆಯ ಬಿಎಲ್ ಓಗಳ ನೇಮಕಾತಿ ಮತ್ತು ತರಬೇತಿ ವಿಚಾರ. ಕ್ಷೇತ್ರವಾರು ವಾರ್ಡ್ ವಿಂಗಡಣೆಯ ಆಧಾರದ ಮೇಲೆ ಮತದಾನ ಕೇಂದ್ರಗಳ (ಬೂತ್‌ಗಳ) ಗುರುತಿಸುವಿಕೆ. ಚುನಾವಣೆಗೆ ನಿಯೋಜನೆಗೊಳ್ಳುವ ಸಿಬ್ಬಂದಿ ಸಂಖ್ಯೆ ಮತ್ತು ಅವರಿಗೆ ತರಬೇತಿ ನೀಡುವ ಕುರಿತು ಚರ್ಚೆ ನಡೆಯಲಿದೆ.
ಗ್ರೇಟರ್ ಬೆಂಗಳೂರು ಪ್ರಾಧಿಕಾರ
ಕನ್ನಡವೇ ಉಸಿರು ಕನ್ನಡವೇ ಹಸಿರು
ಮತದಾನದ ದಿನ ನಗರದಾದ್ಯಂತ ಭದ್ರತೆ ಖಚಿತಪಡಿಸಿಕೊಳ್ಳುವ ಕಾರ್ಯಯೋಜನೆ. ಮತದಾನದ ನಂತರ ಮತಪೆಟ್ಟಿಗೆಗಳನ್ನು ಸುರಕ್ಷಿತವಾಗಿ ಸಂಗ್ರಹಿಸುವ ಸ್ಟ್ರಾಂಗ್ ರೂಮ್‌ಗಳ ವ್ಯವಸ್ಥೆ ಕುರಿತು ಚರ್ಚೆ. ಇವಿಎಂ ಯಂತ್ರಗಳ ಬಳಕೆ ಕುರಿತು ಚರ್ಚೆ. ಈ ಎಲ್ಲಾ ತಾಂತ್ರಿಕ ಮತ್ತು ಆಡಳಿತಾತ್ಮಕ ಅಂಶಗಳನ್ನು ಸಭೆಯಲ್ಲಿ ಸಮಗ್ರವಾಗಿ ಪರಿಶೀಲಿಸಲಾಗುವುದು. ಸುಪ್ರೀಂಕೋರ್ಟ್ ಆದೇಶದಂತೆ ಜೂನ್ 30ರೊಳಗೆ ಚುನಾವಣೆ ನಡೆಸಲು ಆಯೋಗ ಸಿದ್ಧತೆ ಆರಂಭಿಸಿದೆ ಎಂದು ಮೂಲಗಳು ತಿಳಿಸಿವೆ.
C
M
Y
K
C
M
Y
K
